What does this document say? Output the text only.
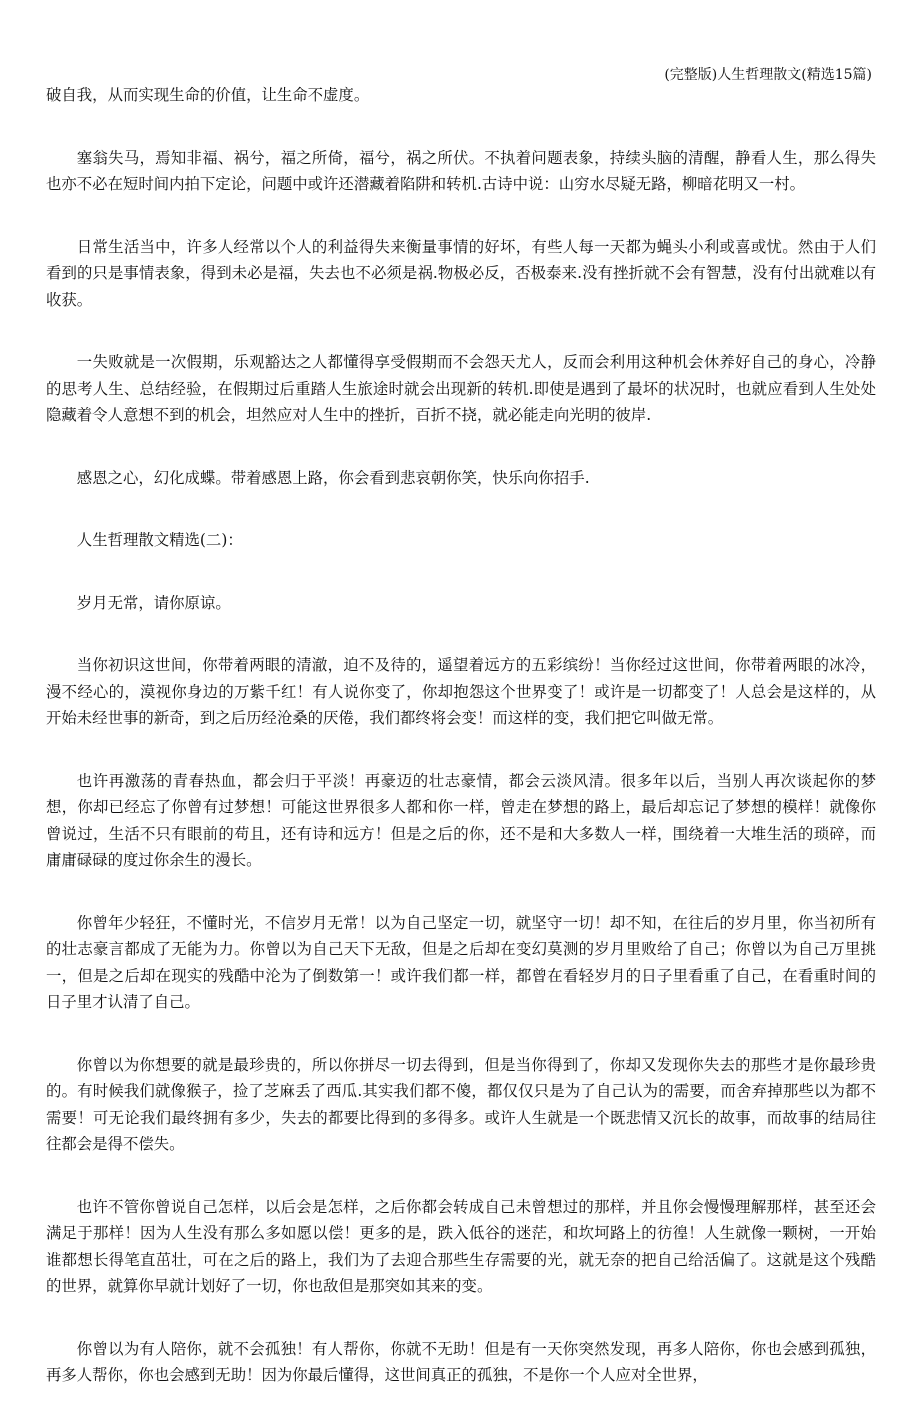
(完整版)人生哲理散文(精选15篇)

破自我，从而实现生命的价值，让生命不虚度。

塞翁失马，焉知非福、祸兮，福之所倚，福兮，祸之所伏。不执着问题表象，持续头脑的清醒，静看人生，那么得失也亦不必在短时间内拍下定论，问题中或许还潜藏着陷阱和转机.古诗中说：山穷水尽疑无路，柳暗花明又一村。

日常生活当中，许多人经常以个人的利益得失来衡量事情的好坏，有些人每一天都为蝇头小利或喜或忧。然由于人们看到的只是事情表象，得到未必是福，失去也不必须是祸.物极必反，否极泰来.没有挫折就不会有智慧，没有付出就难以有收获。

一失败就是一次假期，乐观豁达之人都懂得享受假期而不会怨天尤人，反而会利用这种机会休养好自己的身心，冷静的思考人生、总结经验，在假期过后重踏人生旅途时就会出现新的转机.即使是遇到了最坏的状况时，也就应看到人生处处隐藏着令人意想不到的机会，坦然应对人生中的挫折，百折不挠，就必能走向光明的彼岸.

感恩之心，幻化成蝶。带着感恩上路，你会看到悲哀朝你笑，快乐向你招手.

人生哲理散文精选(二)：

岁月无常，请你原谅。

当你初识这世间，你带着两眼的清澈，迫不及待的，遥望着远方的五彩缤纷！当你经过这世间，你带着两眼的冰冷，漫不经心的，漠视你身边的万紫千红！有人说你变了，你却抱怨这个世界变了！或许是一切都变了！人总会是这样的，从开始未经世事的新奇，到之后历经沧桑的厌倦，我们都终将会变！而这样的变，我们把它叫做无常。

也许再激荡的青春热血，都会归于平淡！再豪迈的壮志豪情，都会云淡风清。很多年以后，当别人再次谈起你的梦想，你却已经忘了你曾有过梦想！可能这世界很多人都和你一样，曾走在梦想的路上，最后却忘记了梦想的模样！就像你曾说过，生活不只有眼前的苟且，还有诗和远方！但是之后的你，还不是和大多数人一样，围绕着一大堆生活的琐碎，而庸庸碌碌的度过你余生的漫长。

你曾年少轻狂，不懂时光，不信岁月无常！以为自己坚定一切，就坚守一切！却不知，在往后的岁月里，你当初所有的壮志豪言都成了无能为力。你曾以为自己天下无敌，但是之后却在变幻莫测的岁月里败给了自己；你曾以为自己万里挑一，但是之后却在现实的残酷中沦为了倒数第一！或许我们都一样，都曾在看轻岁月的日子里看重了自己，在看重时间的日子里才认清了自己。

你曾以为你想要的就是最珍贵的，所以你拼尽一切去得到，但是当你得到了，你却又发现你失去的那些才是你最珍贵的。有时候我们就像猴子，捡了芝麻丢了西瓜.其实我们都不傻，都仅仅只是为了自己认为的需要，而舍弃掉那些以为都不需要！可无论我们最终拥有多少，失去的都要比得到的多得多。或许人生就是一个既悲情又沉长的故事，而故事的结局往往都会是得不偿失。

也许不管你曾说自己怎样，以后会是怎样，之后你都会转成自己未曾想过的那样，并且你会慢慢理解那样，甚至还会满足于那样！因为人生没有那么多如愿以偿！更多的是，跌入低谷的迷茫，和坎坷路上的彷徨！人生就像一颗树，一开始谁都想长得笔直茁壮，可在之后的路上，我们为了去迎合那些生存需要的光，就无奈的把自己给活偏了。这就是这个残酷的世界，就算你早就计划好了一切，你也敌但是那突如其来的变。

你曾以为有人陪你，就不会孤独！有人帮你，你就不无助！但是有一天你突然发现，再多人陪你，你也会感到孤独，再多人帮你，你也会感到无助！因为你最后懂得，这世间真正的孤独，不是你一个人应对全世界，
